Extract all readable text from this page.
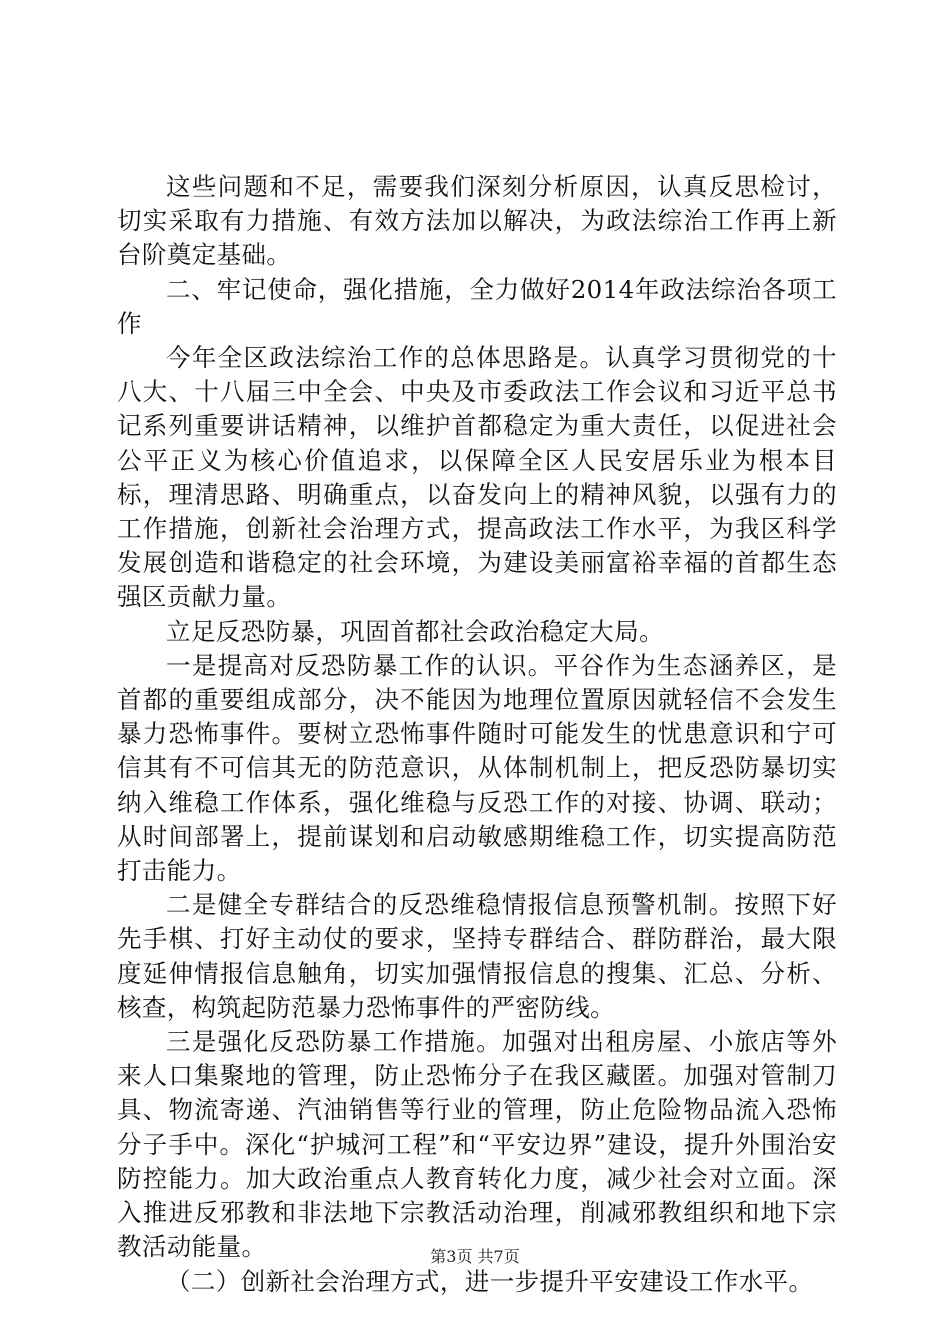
这些问题和不足，需要我们深刻分析原因，认真反思检讨，切实采取有力措施、有效方法加以解决，为政法综治工作再上新台阶奠定基础。

二、牢记使命，强化措施，全力做好2014年政法综治各项工作

今年全区政法综治工作的总体思路是。认真学习贯彻党的十八大、十八届三中全会、中央及市委政法工作会议和习近平总书记系列重要讲话精神，以维护首都稳定为重大责任，以促进社会公平正义为核心价值追求，以保障全区人民安居乐业为根本目标，理清思路、明确重点，以奋发向上的精神风貌，以强有力的工作措施，创新社会治理方式，提高政法工作水平，为我区科学发展创造和谐稳定的社会环境，为建设美丽富裕幸福的首都生态强区贡献力量。

立足反恐防暴，巩固首都社会政治稳定大局。

一是提高对反恐防暴工作的认识。平谷作为生态涵养区，是首都的重要组成部分，决不能因为地理位置原因就轻信不会发生暴力恐怖事件。要树立恐怖事件随时可能发生的忧患意识和宁可信其有不可信其无的防范意识，从体制机制上，把反恐防暴切实纳入维稳工作体系，强化维稳与反恐工作的对接、协调、联动；从时间部署上，提前谋划和启动敏感期维稳工作，切实提高防范打击能力。

二是健全专群结合的反恐维稳情报信息预警机制。按照下好先手棋、打好主动仗的要求，坚持专群结合、群防群治，最大限度延伸情报信息触角，切实加强情报信息的搜集、汇总、分析、核查，构筑起防范暴力恐怖事件的严密防线。

三是强化反恐防暴工作措施。加强对出租房屋、小旅店等外来人口集聚地的管理，防止恐怖分子在我区藏匿。加强对管制刀具、物流寄递、汽油销售等行业的管理，防止危险物品流入恐怖分子手中。深化“护城河工程”和“平安边界”建设，提升外围治安防控能力。加大政治重点人教育转化力度，减少社会对立面。深入推进反邪教和非法地下宗教活动治理，削减邪教组织和地下宗教活动能量。

（二）创新社会治理方式，进一步提升平安建设工作水平。

第3页 共7页
